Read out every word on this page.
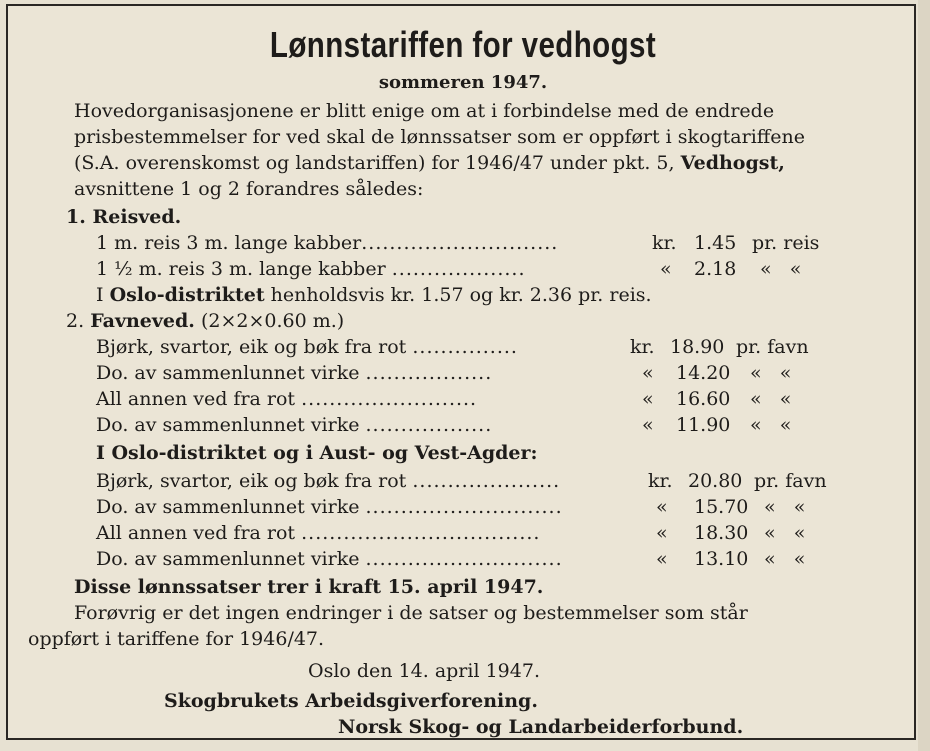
Lønnstariffen for vedhogst
sommeren 1947.
Hovedorganisasjonene er blitt enige om at i forbindelse med de endrede
prisbestemmelser for ved skal de lønnssatser som er oppført i skogtariffene
(S.A. overenskomst og landstariffen) for 1946/47 under pkt. 5, Vedhogst,
avsnittene 1 og 2 forandres således:
1. Reisved.
1 m. reis 3 m. lange kabber............................	kr. 1.45 pr. reis
1 ½ m. reis 3 m. lange kabber ...................	« 2.18 «   «
I Oslo-distriktet henholdsvis kr. 1.57 og kr. 2.36 pr. reis.
2. Favneved. (2×2×0.60 m.)
Bjørk, svartor, eik og bøk fra rot ...............	kr. 18.90 pr. favn
Do. av sammenlunnet virke ..................	« 14.20 «   «
All annen ved fra rot .........................	« 16.60 «   «
Do. av sammenlunnet virke ..................	« 11.90 «   «
I Oslo-distriktet og i Aust- og Vest-Agder:
Bjørk, svartor, eik og bøk fra rot .....................	kr. 20.80 pr. favn
Do. av sammenlunnet virke ............................	« 15.70 «   «
All annen ved fra rot ..................................	« 18.30 «   «
Do. av sammenlunnet virke ............................	« 13.10 «   «
Disse lønnssatser trer i kraft 15. april 1947.
Forøvrig er det ingen endringer i de satser og bestemmelser som står
oppført i tariffene for 1946/47.
Oslo den 14. april 1947.
Skogbrukets Arbeidsgiverforening.
Norsk Skog- og Landarbeiderforbund.
